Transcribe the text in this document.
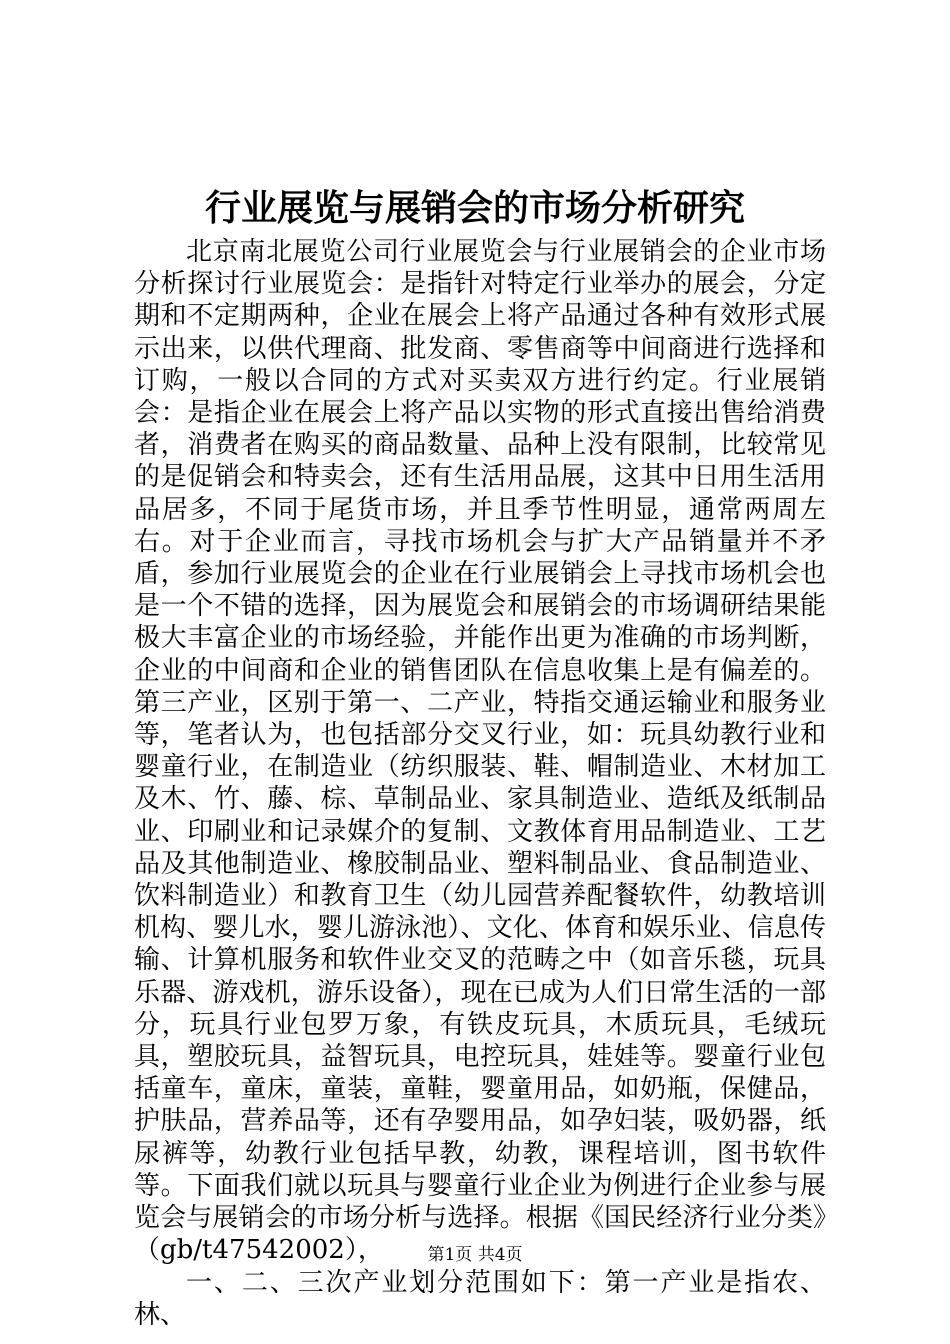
行业展览与展销会的市场分析研究

北京南北展览公司行业展览会与行业展销会的企业市场分析探讨行业展览会：是指针对特定行业举办的展会，分定期和不定期两种，企业在展会上将产品通过各种有效形式展示出来，以供代理商、批发商、零售商等中间商进行选择和订购，一般以合同的方式对买卖双方进行约定。行业展销会：是指企业在展会上将产品以实物的形式直接出售给消费者，消费者在购买的商品数量、品种上没有限制，比较常见的是促销会和特卖会，还有生活用品展，这其中日用生活用品居多，不同于尾货市场，并且季节性明显，通常两周左右。对于企业而言，寻找市场机会与扩大产品销量并不矛盾，参加行业展览会的企业在行业展销会上寻找市场机会也是一个不错的选择，因为展览会和展销会的市场调研结果能极大丰富企业的市场经验，并能作出更为准确的市场判断，企业的中间商和企业的销售团队在信息收集上是有偏差的。第三产业，区别于第一、二产业，特指交通运输业和服务业等，笔者认为，也包括部分交叉行业，如：玩具幼教行业和婴童行业，在制造业（纺织服装、鞋、帽制造业、木材加工及木、竹、藤、棕、草制品业、家具制造业、造纸及纸制品业、印刷业和记录媒介的复制、文教体育用品制造业、工艺品及其他制造业、橡胶制品业、塑料制品业、食品制造业、饮料制造业）和教育卫生（幼儿园营养配餐软件，幼教培训机构、婴儿水，婴儿游泳池）、文化、体育和娱乐业、信息传输、计算机服务和软件业交叉的范畴之中（如音乐毯，玩具乐器、游戏机，游乐设备），现在已成为人们日常生活的一部分，玩具行业包罗万象，有铁皮玩具，木质玩具，毛绒玩具，塑胶玩具，益智玩具，电控玩具，娃娃等。婴童行业包括童车，童床，童装，童鞋，婴童用品，如奶瓶，保健品，护肤品，营养品等，还有孕婴用品，如孕妇装，吸奶器，纸尿裤等，幼教行业包括早教，幼教，课程培训，图书软件等。下面我们就以玩具与婴童行业企业为例进行企业参与展览会与展销会的市场分析与选择。根据《国民经济行业分类》（gb/t47542002），

一、二、三次产业划分范围如下：第一产业是指农、林、

第1页 共4页
